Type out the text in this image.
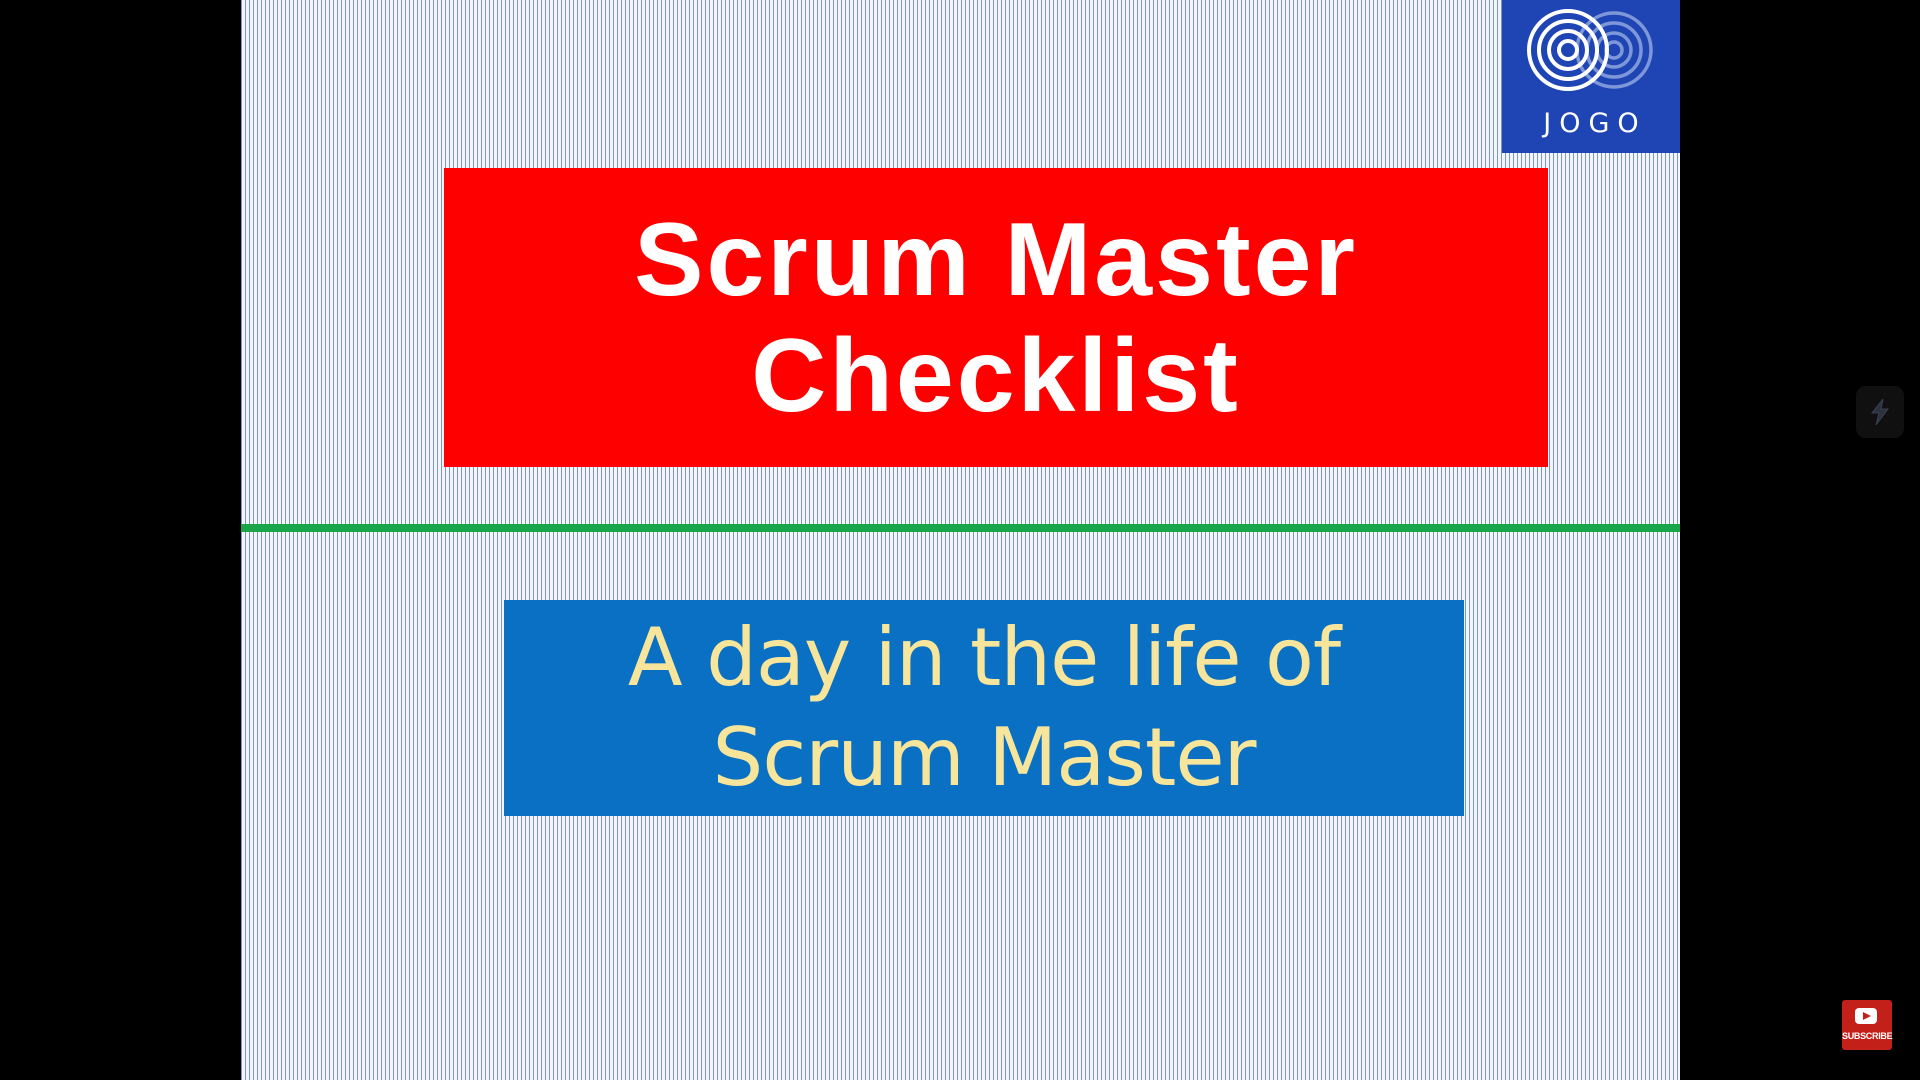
JOGO
Scrum Master
Checklist
A day in the life of
Scrum Master
SUBSCRIBE
